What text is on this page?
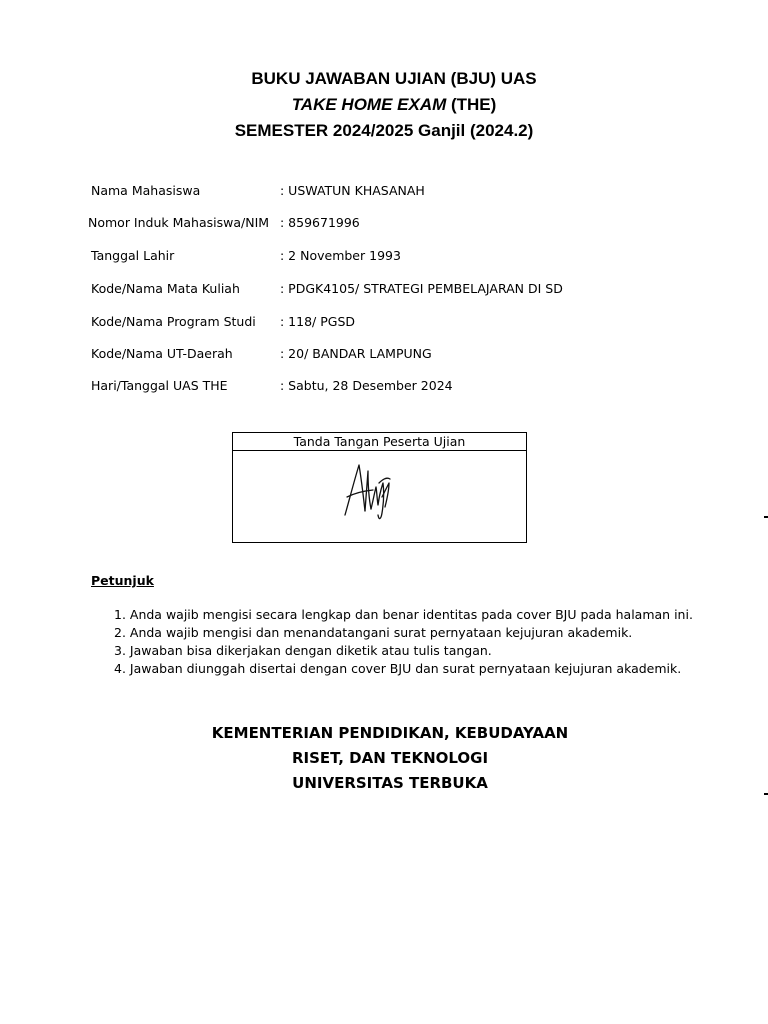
BUKU JAWABAN UJIAN (BJU) UAS
TAKE HOME EXAM (THE)
SEMESTER 2024/2025 Ganjil (2024.2)
Nama Mahasiswa	: USWATUN KHASANAH
Nomor Induk Mahasiswa/NIM : 859671996
Tanggal Lahir	: 2 November 1993
Kode/Nama Mata Kuliah	: PDGK4105/ STRATEGI PEMBELAJARAN DI SD
Kode/Nama Program Studi : 118/ PGSD
Kode/Nama UT-Daerah	: 20/ BANDAR LAMPUNG
Hari/Tanggal UAS THE	: Sabtu, 28 Desember 2024
Tanda Tangan Peserta Ujian
Petunjuk
1. Anda wajib mengisi secara lengkap dan benar identitas pada cover BJU pada halaman ini.
2. Anda wajib mengisi dan menandatangani surat pernyataan kejujuran akademik.
3. Jawaban bisa dikerjakan dengan diketik atau tulis tangan.
4. Jawaban diunggah disertai dengan cover BJU dan surat pernyataan kejujuran akademik.
KEMENTERIAN PENDIDIKAN, KEBUDAYAAN
RISET, DAN TEKNOLOGI
UNIVERSITAS TERBUKA
